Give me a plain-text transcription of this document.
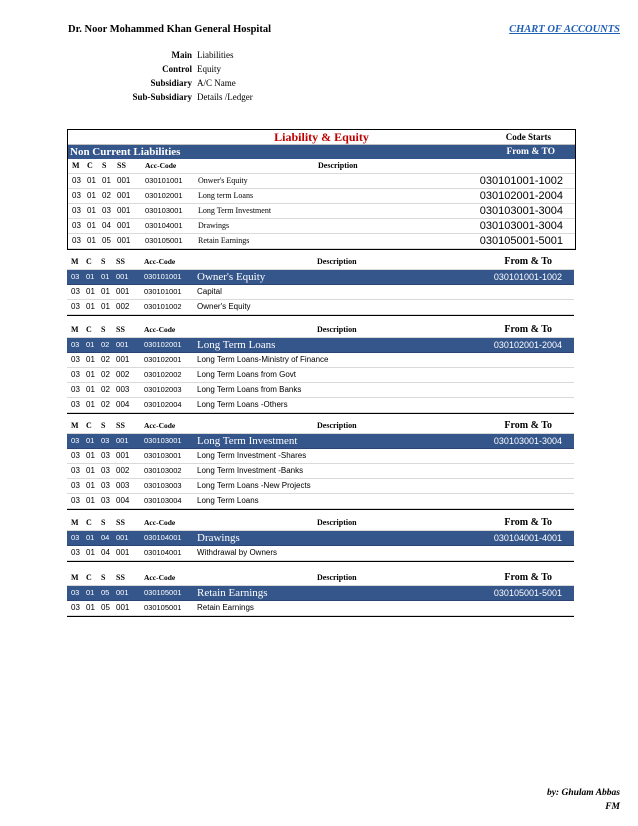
Dr. Noor Mohammed Khan General Hospital	CHART OF ACCOUNTS
Main Liabilities
Control Equity
Subsidiary A/C Name
Sub-Subsidiary Details /Ledger
Liability & Equity	Code Starts
Non Current Liabilities	From & TO
M C S SS	Acc-Code	Description
03 01 01 001 030101001 Onwer's Equity	030101001-1002
03 01 02 001 030102001 Long term Loans	030102001-2004
03 01 03 001 030103001 Long Term Investment	030103001-3004
03 01 04 001 030104001 Drawings	030103001-3004
03 01 05 001 030105001 Retain Earnings	030105001-5001
M C S SS	Acc-Code	Description	From & To
03 01 01 001 030101001 Owner's Equity	030101001-1002
03 01 01 001 030101001 Capital
03 01 01 002 030101002 Owner's Equity
M C S SS	Acc-Code	Description	From & To
03 01 02 001 030102001 Long Term Loans	030102001-2004
03 01 02 001 030102001 Long Term Loans-Ministry of Finance
03 01 02 002 030102002 Long Term Loans from Govt
03 01 02 003 030102003 Long Term Loans from Banks
03 01 02 004 030102004 Long Term Loans -Others
M C S SS	Acc-Code	Description	From & To
03 01 03 001 030103001 Long Term Investment	030103001-3004
03 01 03 001 030103001 Long Term Investment -Shares
03 01 03 002 030103002 Long Term Investment -Banks
03 01 03 003 030103003 Long Term Loans -New Projects
03 01 03 004 030103004 Long Term Loans
M C S SS	Acc-Code	Description	From & To
03 01 04 001 030104001 Drawings	030104001-4001
03 01 04 001 030104001 Withdrawal by Owners
M C S SS	Acc-Code	Description	From & To
03 01 05 001 030105001 Retain Earnings	030105001-5001
03 01 05 001 030105001 Retain Earnings
by: Ghulam Abbas
FM
